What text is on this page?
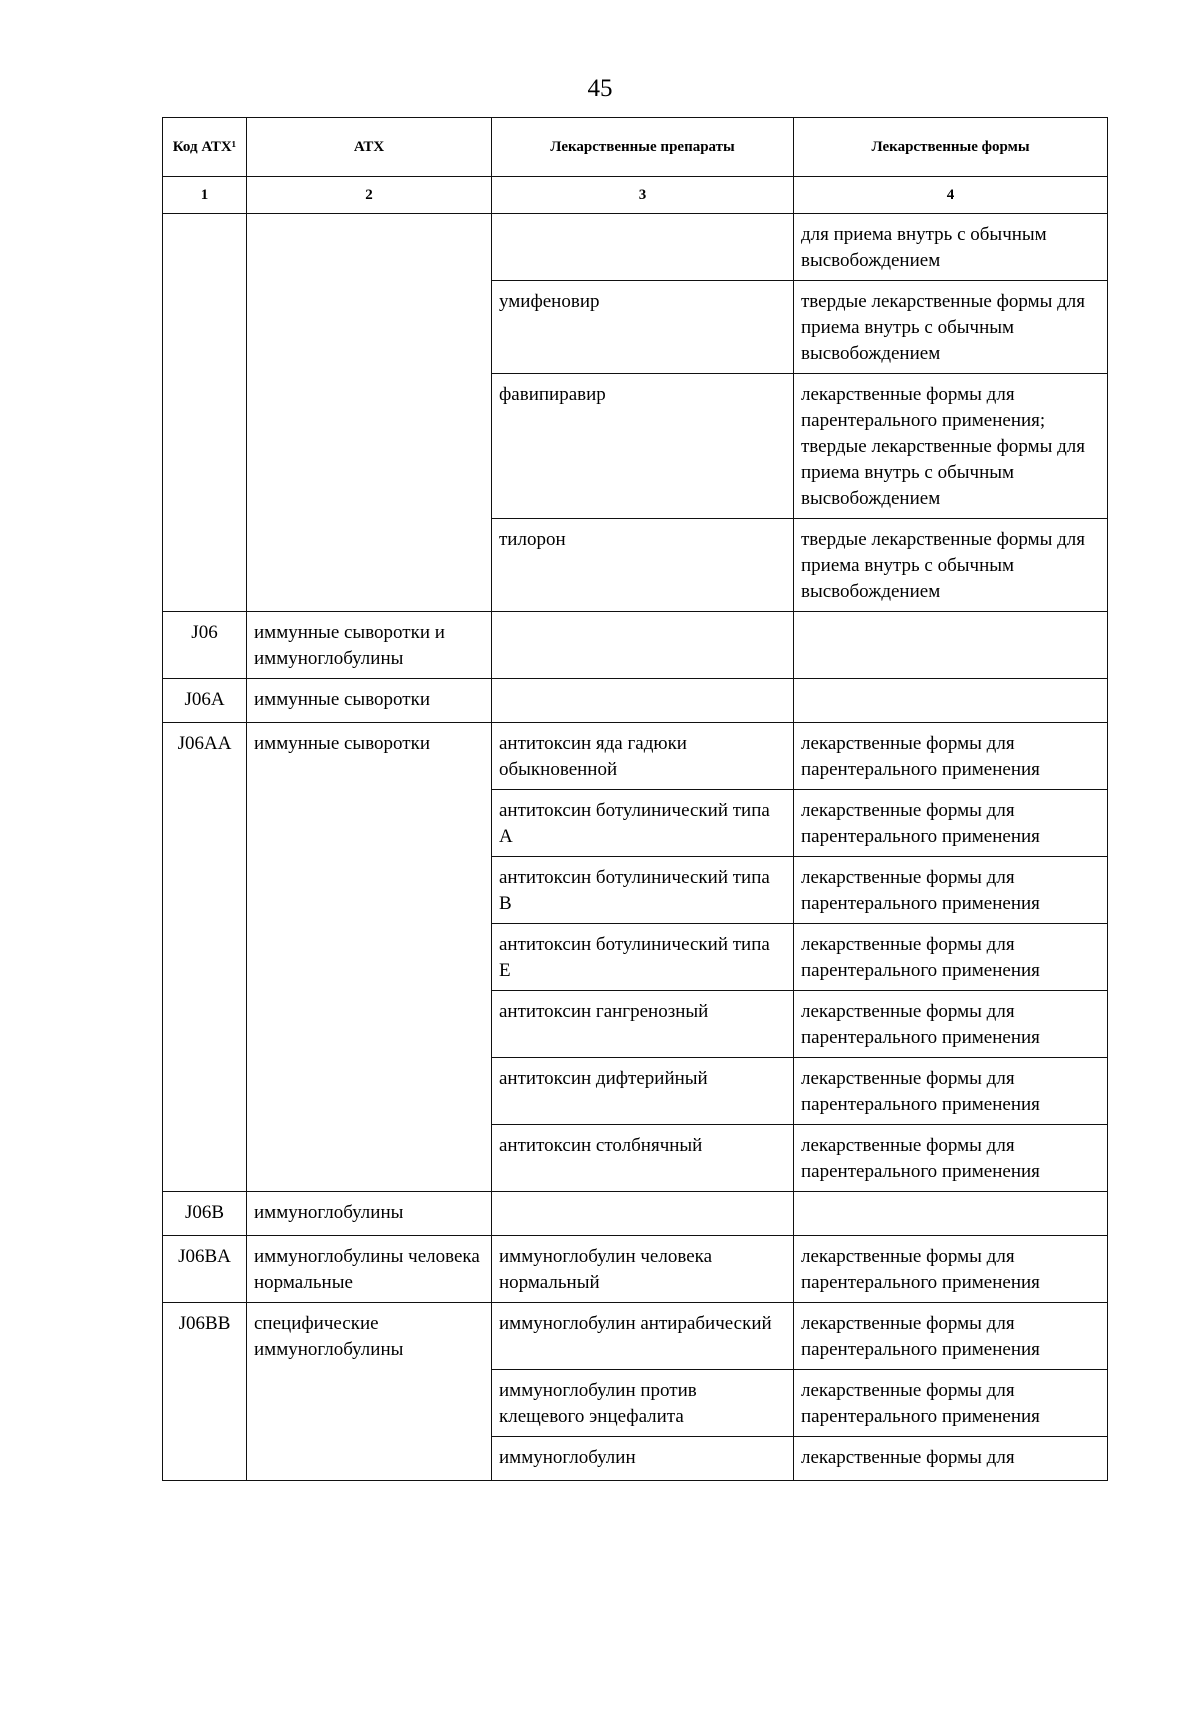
45
Код АТХ¹	АТХ	Лекарственные препараты	Лекарственные формы
1	2	3	4
			для приема внутрь с обычным высвобождением
		умифеновир	твердые лекарственные формы для приема внутрь с обычным высвобождением
		фавипиравир	лекарственные формы для парентерального применения; твердые лекарственные формы для приема внутрь с обычным высвобождением
		тилорон	твердые лекарственные формы для приема внутрь с обычным высвобождением
J06	иммунные сыворотки и иммуноглобулины		
J06A	иммунные сыворотки		
J06AA	иммунные сыворотки	антитоксин яда гадюки обыкновенной	лекарственные формы для парентерального применения
		антитоксин ботулинический типа A	лекарственные формы для парентерального применения
		антитоксин ботулинический типа B	лекарственные формы для парентерального применения
		антитоксин ботулинический типа E	лекарственные формы для парентерального применения
		антитоксин гангренозный	лекарственные формы для парентерального применения
		антитоксин дифтерийный	лекарственные формы для парентерального применения
		антитоксин столбнячный	лекарственные формы для парентерального применения
J06B	иммуноглобулины		
J06BA	иммуноглобулины человека нормальные	иммуноглобулин человека нормальный	лекарственные формы для парентерального применения
J06BB	специфические иммуноглобулины	иммуноглобулин антирабический	лекарственные формы для парентерального применения
		иммуноглобулин против клещевого энцефалита	лекарственные формы для парентерального применения
		иммуноглобулин	лекарственные формы для
